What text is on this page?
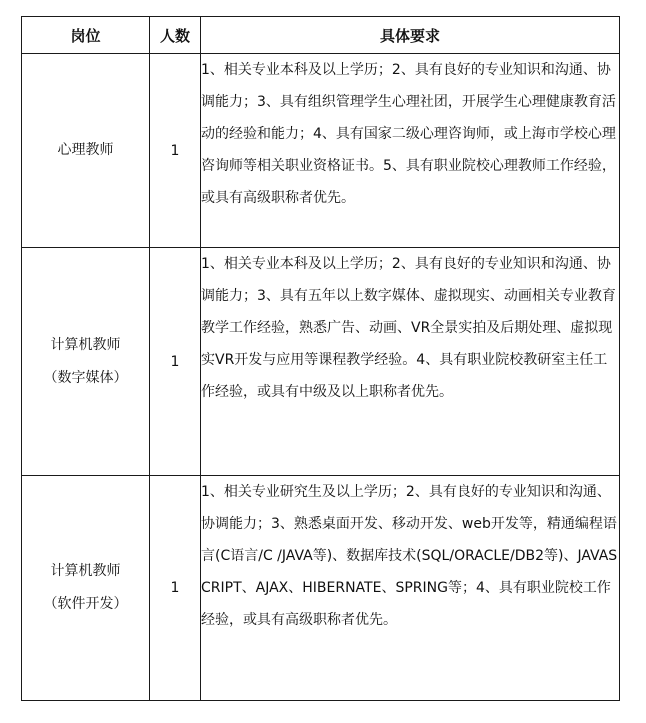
岗位	人数	具体要求

心理教师	1	1、相关专业本科及以上学历；2、具有良好的专业知识和沟通、协调能力；3、具有组织管理学生心理社团，开展学生心理健康教育活动的经验和能力；4、具有国家二级心理咨询师，或上海市学校心理咨询师等相关职业资格证书。5、具有职业院校心理教师工作经验，或具有高级职称者优先。

计算机教师
（数字媒体）	1	1、相关专业本科及以上学历；2、具有良好的专业知识和沟通、协调能力；3、具有五年以上数字媒体、虚拟现实、动画相关专业教育教学工作经验，熟悉广告、动画、VR全景实拍及后期处理、虚拟现实VR开发与应用等课程教学经验。4、具有职业院校教研室主任工作经验，或具有中级及以上职称者优先。

计算机教师
（软件开发）	1	1、相关专业研究生及以上学历；2、具有良好的专业知识和沟通、协调能力；3、熟悉桌面开发、移动开发、web开发等，精通编程语言(C语言/C /JAVA等)、数据库技术(SQL/ORACLE/DB2等)、JAVASCRIPT、AJAX、HIBERNATE、SPRING等；4、具有职业院校工作经验，或具有高级职称者优先。
